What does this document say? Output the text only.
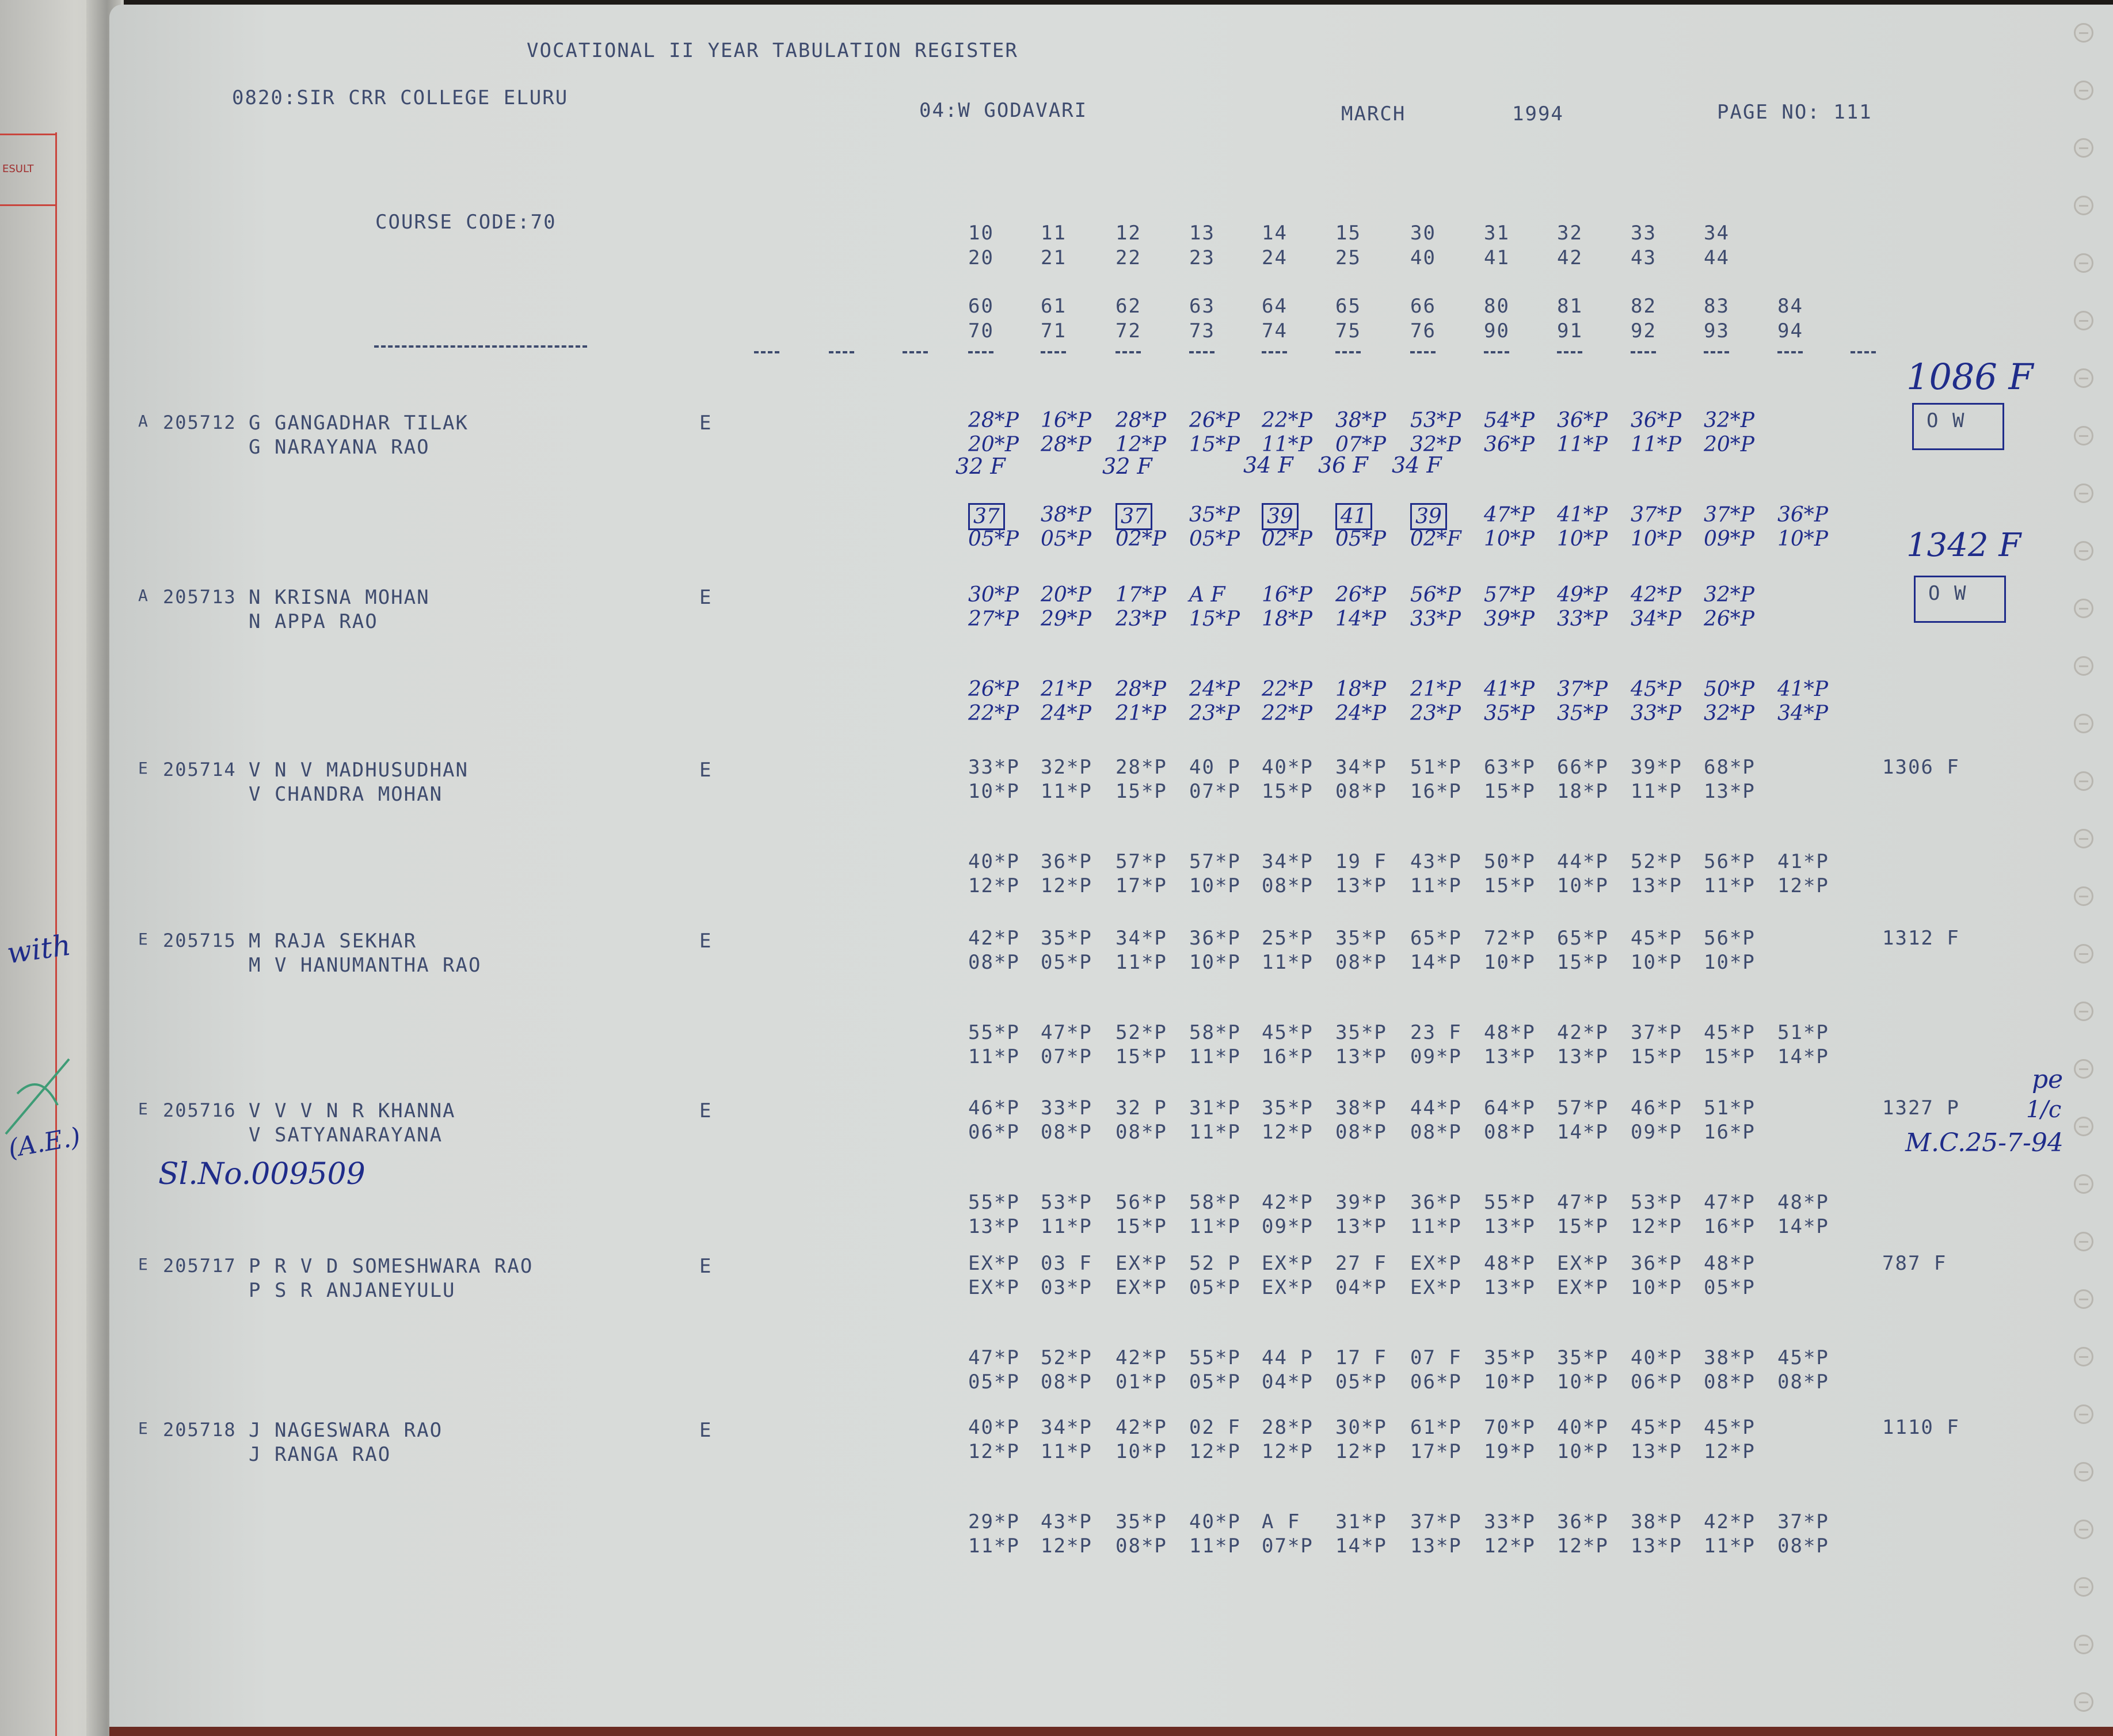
ESULT
with
(A.E.)
VOCATIONAL II YEAR TABULATION REGISTER
0820:SIR CRR COLLEGE ELURU
04:W GODAVARI	MARCH	1994	PAGE NO: 111
COURSE CODE:70	10 11	12 13 14 15	30 31 32 33 34
20 21	22 23 24 25	40 41 42 43 44
60 61	62 63 64 65	66 80 81 82 83 84
70 71	72 73 74 75	76 90 91 92 93 94
A 205712 G GANGADHAR TILAK
G NARAYANA RAO
E	28*P 16*P 28*P 26*P 22*P 38*P 53*P 54*P 36*P 36*P 32*P
20*P 28*P 12*P 15*P 11*P 07*P 32*P 36*P 11*P 11*P 20*P
37 38*P 37 35*P 39 41 39 47*P 41*P 37*P 37*P 36*P
05*P 05*P 02*P 05*P 02*P 05*P 02*F 10*P 10*P 10*P 09*P 10*P
A 205713 N KRISNA MOHAN
N APPA RAO
E	30*P 20*P 17*P A F 16*P 26*P 56*P 57*P 49*P 42*P 32*P
27*P 29*P 23*P 15*P 18*P 14*P 33*P 39*P 33*P 34*P 26*P
26*P 21*P 28*P 24*P 22*P 18*P 21*P 41*P 37*P 45*P 50*P 41*P
22*P 24*P 21*P 23*P 22*P 24*P 23*P 35*P 35*P 33*P 32*P 34*P
E 205714 V N V MADHUSUDHAN
V CHANDRA MOHAN
E	33*P 32*P 28*P 40 P 40*P 34*P 51*P 63*P 66*P 39*P 68*P
10*P 11*P 15*P 07*P 15*P 08*P 16*P 15*P 18*P 11*P 13*P
40*P 36*P 57*P 57*P 34*P 19 F 43*P 50*P 44*P 52*P 56*P 41*P
12*P 12*P 17*P 10*P 08*P 13*P 11*P 15*P 10*P 13*P 11*P 12*P
1306 F
E 205715 M RAJA SEKHAR
M V HANUMANTHA RAO
E	42*P 35*P 34*P 36*P 25*P 35*P 65*P 72*P 65*P 45*P 56*P
08*P 05*P 11*P 10*P 11*P 08*P 14*P 10*P 15*P 10*P 10*P
55*P 47*P 52*P 58*P 45*P 35*P 23 F 48*P 42*P 37*P 45*P 51*P
11*P 07*P 15*P 11*P 16*P 13*P 09*P 13*P 13*P 15*P 15*P 14*P
1312 F
E 205716 V V V N R KHANNA
V SATYANARAYANA
E	46*P 33*P 32 P 31*P 35*P 38*P 44*P 64*P 57*P 46*P 51*P
06*P 08*P 08*P 11*P 12*P 08*P 08*P 08*P 14*P 09*P 16*P
55*P 53*P 56*P 58*P 42*P 39*P 36*P 55*P 47*P 53*P 47*P 48*P
13*P 11*P 15*P 11*P 09*P 13*P 11*P 13*P 15*P 12*P 16*P 14*P
1327 P
E 205717 P R V D SOMESHWARA RAO
P S R ANJANEYULU
E	EX*P 03 F EX*P 52 P EX*P 27 F EX*P 48*P EX*P 36*P 48*P
EX*P 03*P EX*P 05*P EX*P 04*P EX*P 13*P EX*P 10*P 05*P
47*P 52*P 42*P 55*P 44 P 17 F 07 F 35*P 35*P 40*P 38*P 45*P
05*P 08*P 01*P 05*P 04*P 05*P 06*P 10*P 10*P 06*P 08*P 08*P
787 F
E 205718 J NAGESWARA RAO
J RANGA RAO
E	40*P 34*P 42*P 02 F 28*P 30*P 61*P 70*P 40*P 45*P 45*P
12*P 11*P 10*P 12*P 12*P 12*P 17*P 19*P 10*P 13*P 12*P
29*P 43*P 35*P 40*P A F 31*P 37*P 33*P 36*P 38*P 42*P 37*P
11*P 12*P 08*P 11*P 07*P 14*P 13*P 12*P 12*P 13*P 11*P 08*P
1110 F
1086 F
O W
1342 F
O W
pe
1/c
M.C.25-7-94
Sl.No.009509
32 F	32 F	34 F 36 F 34 F
